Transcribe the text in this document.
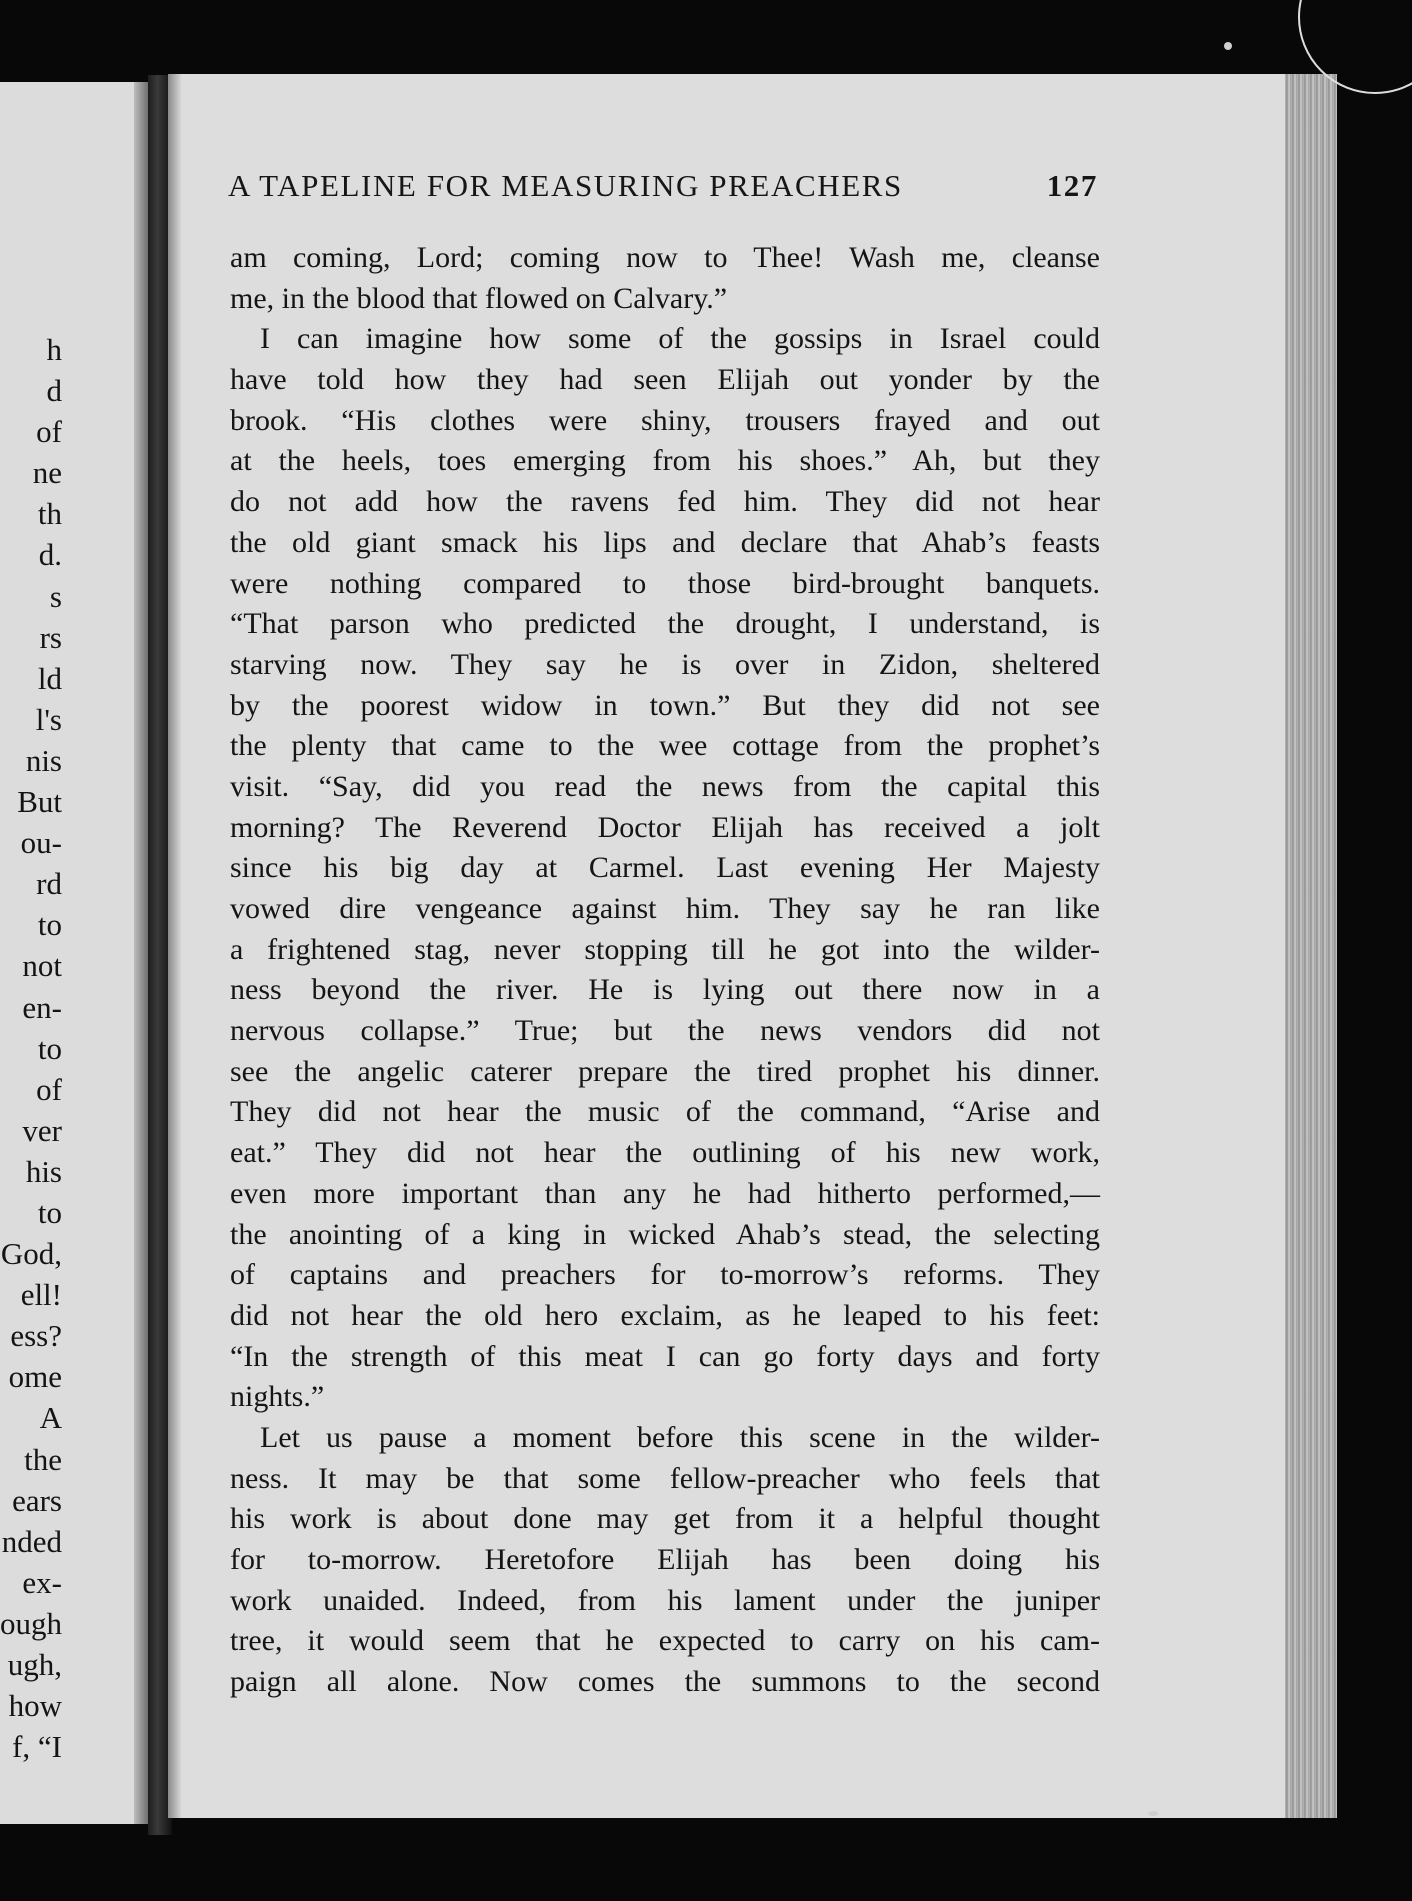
h
d
of
ne
th
d.
s
rs
ld
l's
nis
But
ou-
rd
to
not
en-
to
of
ver
his
to
God,
ell!
ess?
ome
A
the
ears
nded
ex-
ough
ugh,
how
f, “I
A TAPELINE FOR MEASURING PREACHERS	127
am coming, Lord; coming now to Thee! Wash me, cleanse
me, in the blood that flowed on Calvary.”
I can imagine how some of the gossips in Israel could
have told how they had seen Elijah out yonder by the
brook. “His clothes were shiny, trousers frayed and out
at the heels, toes emerging from his shoes.” Ah, but they
do not add how the ravens fed him. They did not hear
the old giant smack his lips and declare that Ahab’s feasts
were nothing compared to those bird-brought banquets.
“That parson who predicted the drought, I understand, is
starving now. They say he is over in Zidon, sheltered
by the poorest widow in town.” But they did not see
the plenty that came to the wee cottage from the prophet’s
visit. “Say, did you read the news from the capital this
morning? The Reverend Doctor Elijah has received a jolt
since his big day at Carmel. Last evening Her Majesty
vowed dire vengeance against him. They say he ran like
a frightened stag, never stopping till he got into the wilder-
ness beyond the river. He is lying out there now in a
nervous collapse.” True; but the news vendors did not
see the angelic caterer prepare the tired prophet his dinner.
They did not hear the music of the command, “Arise and
eat.” They did not hear the outlining of his new work,
even more important than any he had hitherto performed,—
the anointing of a king in wicked Ahab’s stead, the selecting
of captains and preachers for to-morrow’s reforms. They
did not hear the old hero exclaim, as he leaped to his feet:
“In the strength of this meat I can go forty days and forty
nights.”
Let us pause a moment before this scene in the wilder-
ness. It may be that some fellow-preacher who feels that
his work is about done may get from it a helpful thought
for to-morrow. Heretofore Elijah has been doing his
work unaided. Indeed, from his lament under the juniper
tree, it would seem that he expected to carry on his cam-
paign all alone. Now comes the summons to the second
